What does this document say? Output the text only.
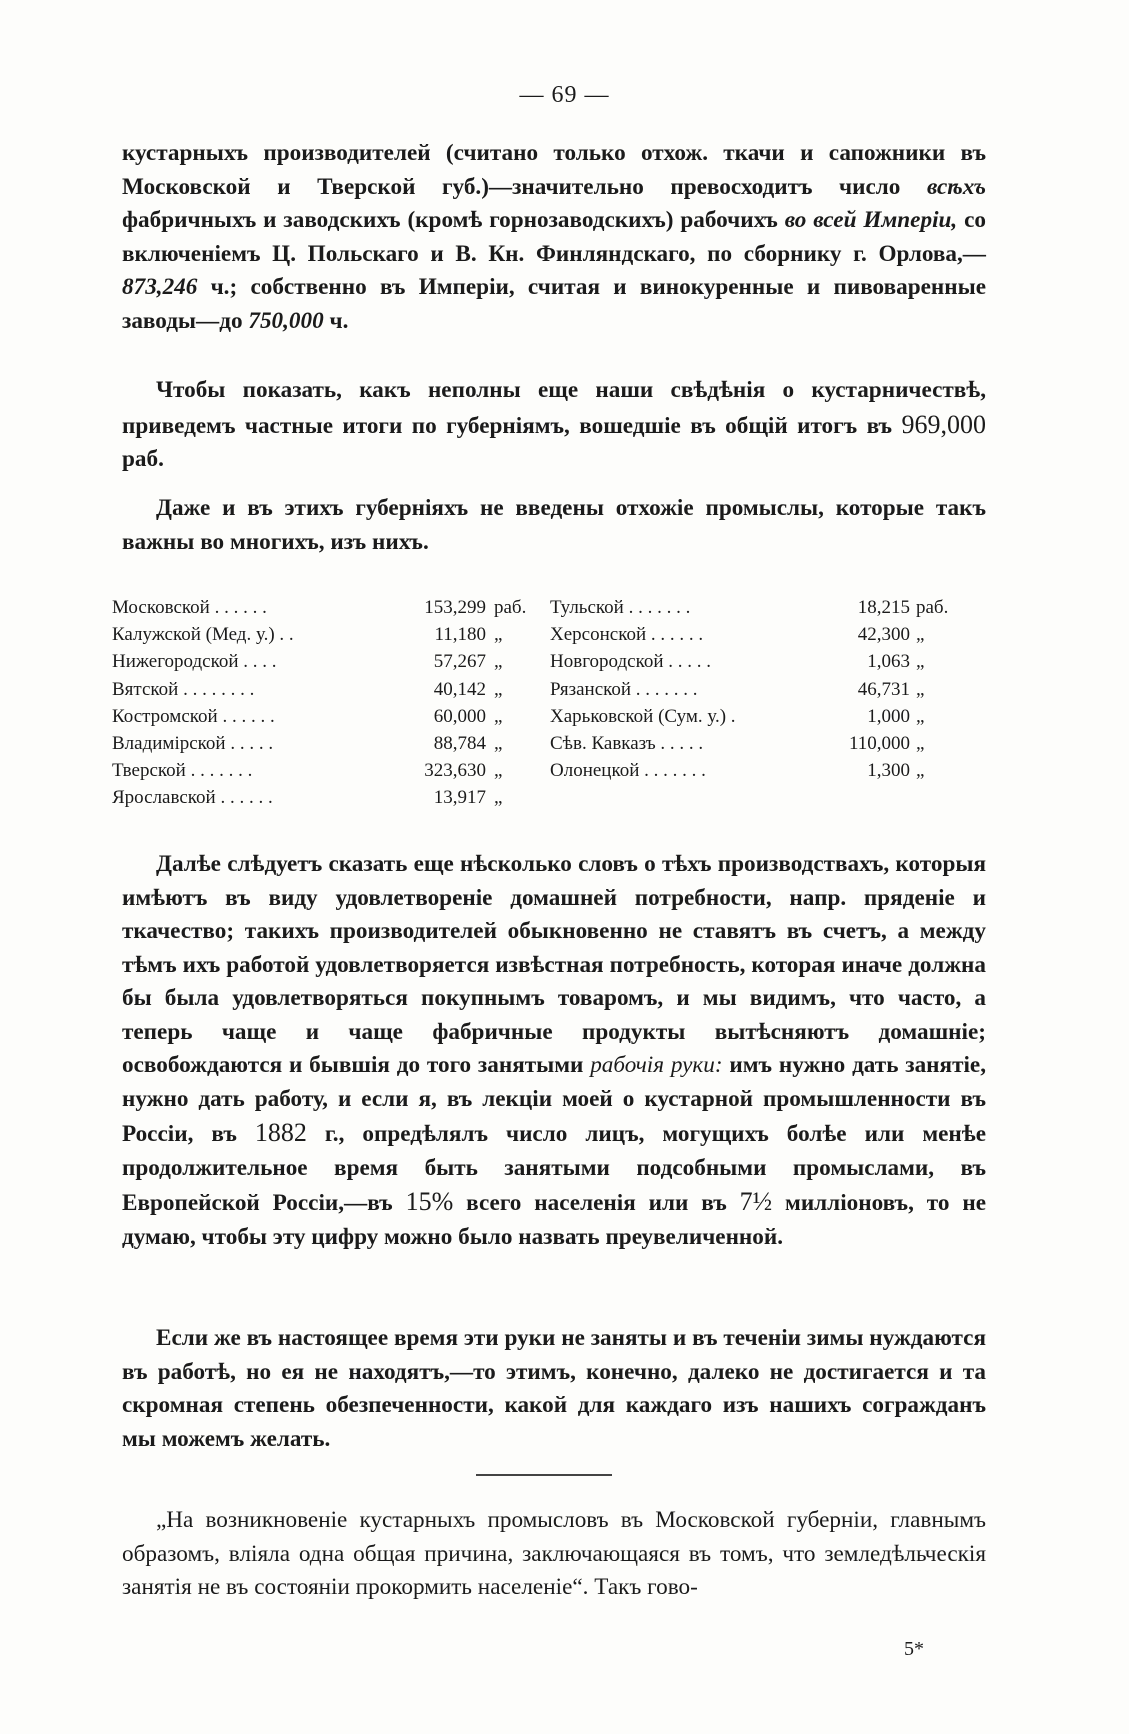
— 69 —

кустарныхъ производителей (считано только отхож. ткачи и сапожники въ Московской и Тверской губ.)—значительно превосходитъ число всѣхъ фабричныхъ и заводскихъ (кромѣ горнозаводскихъ) рабочихъ во всей Имперіи, со включеніемъ Ц. Польскаго и В. Кн. Финляндскаго, по сборнику г. Орлова,—873,246 ч.; собственно въ Имперіи, считая и винокуренные и пивоваренные заводы—до 750,000 ч.

Чтобы показать, какъ неполны еще наши свѣдѣнія о кустарничествѣ, приведемъ частные итоги по губерніямъ, вошедшіе въ общій итогъ въ 969,000 раб.

Даже и въ этихъ губерніяхъ не введены отхожіе промыслы, которые такъ важны во многихъ, изъ нихъ.

Московской . . . . . .	153,299 раб.
Калужской (Мед. у.) . .	11,180 „
Нижегородской . . . .	57,267 „
Вятской . . . . . . . .	40,142 „
Костромской . . . . . .	60,000 „
Владимірской . . . . .	88,784 „
Тверской . . . . . . .	323,630 „
Ярославской . . . . . .	13,917 „
Тульской . . . . . . .	18,215 раб.
Херсонской . . . . . .	42,300 „
Новгородской . . . . .	1,063 „
Рязанской . . . . . . .	46,731 „
Харьковской (Сум. у.) .	1,000 „
Сѣв. Кавказъ . . . . .	110,000 „
Олонецкой . . . . . . .	1,300 „

Далѣе слѣдуетъ сказать еще нѣсколько словъ о тѣхъ производствахъ, которыя имѣютъ въ виду удовлетвореніе домашней потребности, напр. пряденіе и ткачество; такихъ производителей обыкновенно не ставятъ въ счетъ, а между тѣмъ ихъ работой удовлетворяется извѣстная потребность, которая иначе должна бы была удовлетворяться покупнымъ товаромъ, и мы видимъ, что часто, а теперь чаще и чаще фабричные продукты вытѣсняютъ домашніе; освобождаются и бывшія до того занятыми рабочія руки: имъ нужно дать занятіе, нужно дать работу, и если я, въ лекціи моей о кустарной промышленности въ Россіи, въ 1882 г., опредѣлялъ число лицъ, могущихъ болѣе или менѣе продолжительное время быть занятыми подсобными промыслами, въ Европейской Россіи,—въ 15% всего населенія или въ 7½ милліоновъ, то не думаю, чтобы эту цифру можно было назвать преувеличенной.

Если же въ настоящее время эти руки не заняты и въ теченіи зимы нуждаются въ работѣ, но ея не находятъ,—то этимъ, конечно, далеко не достигается и та скромная степень обезпеченности, какой для каждаго изъ нашихъ согражданъ мы можемъ желать.

„На возникновеніе кустарныхъ промысловъ въ Московской губерніи, главнымъ образомъ, вліяла одна общая причина, заключающаяся въ томъ, что земледѣльческія занятія не въ состояніи прокормить населеніе“. Такъ гово-

5*
